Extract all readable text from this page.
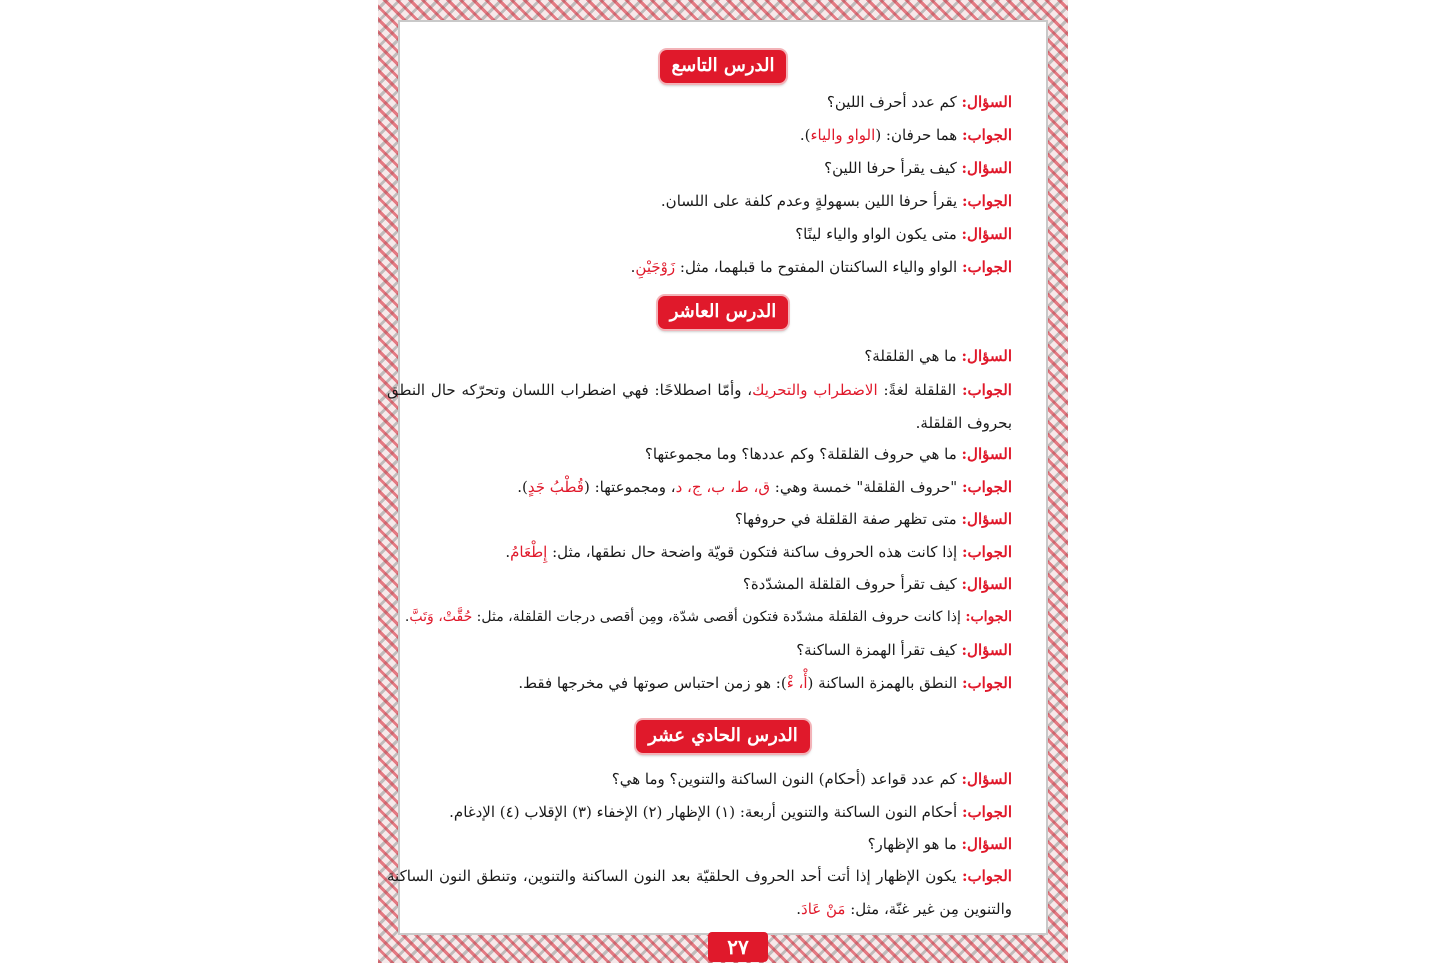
الدرس التاسع
السؤال: كم عدد أحرف اللين؟
الجواب: هما حرفان: (الواو والياء).
السؤال: كيف يقرأ حرفا اللين؟
الجواب: يقرأ حرفا اللين بسهولةٍ وعدم كلفة على اللسان.
السؤال: متى يكون الواو والياء لينًا؟
الجواب: الواو والياء الساكنتان المفتوح ما قبلهما، مثل: زَوْجَيْنِ.
الدرس العاشر
السؤال: ما هي القلقلة؟
الجواب: القلقلة لغةً: الاضطراب والتحريك، وأمّا اصطلاحًا: فهي اضطراب اللسان وتحرّكه حال النطق بحروف القلقلة.
السؤال: ما هي حروف القلقلة؟ وكم عددها؟ وما مجموعتها؟
الجواب: "حروف القلقلة" خمسة وهي: ق، ط، ب، ج، د، ومجموعتها: (قُطْبُ جَدٍ).
السؤال: متى تظهر صفة القلقلة في حروفها؟
الجواب: إذا كانت هذه الحروف ساكنة فتكون قويّة واضحة حال نطقها، مثل: إِطْعَامُ.
السؤال: كيف تقرأ حروف القلقلة المشدّدة؟
الجواب: إذا كانت حروف القلقلة مشدّدة فتكون أقصى شدّة، ومِن أقصى درجات القلقلة، مثل: حُقَّتْ، وَتَبَّ.
السؤال: كيف تقرأ الهمزة الساكنة؟
الجواب: النطق بالهمزة الساكنة (أْ، ءْ): هو زمن احتباس صوتها في مخرجها فقط.
الدرس الحادي عشر
السؤال: كم عدد قواعد (أحكام) النون الساكنة والتنوين؟ وما هي؟
الجواب: أحكام النون الساكنة والتنوين أربعة: (١) الإظهار (٢) الإخفاء (٣) الإقلاب (٤) الإدغام.
السؤال: ما هو الإظهار؟
الجواب: يكون الإظهار إذا أتت أحد الحروف الحلقيّة بعد النون الساكنة والتنوين، وتنطق النون الساكنة والتنوين مِن غير غنّة، مثل: مَنْ عَادَ.
٢٧
